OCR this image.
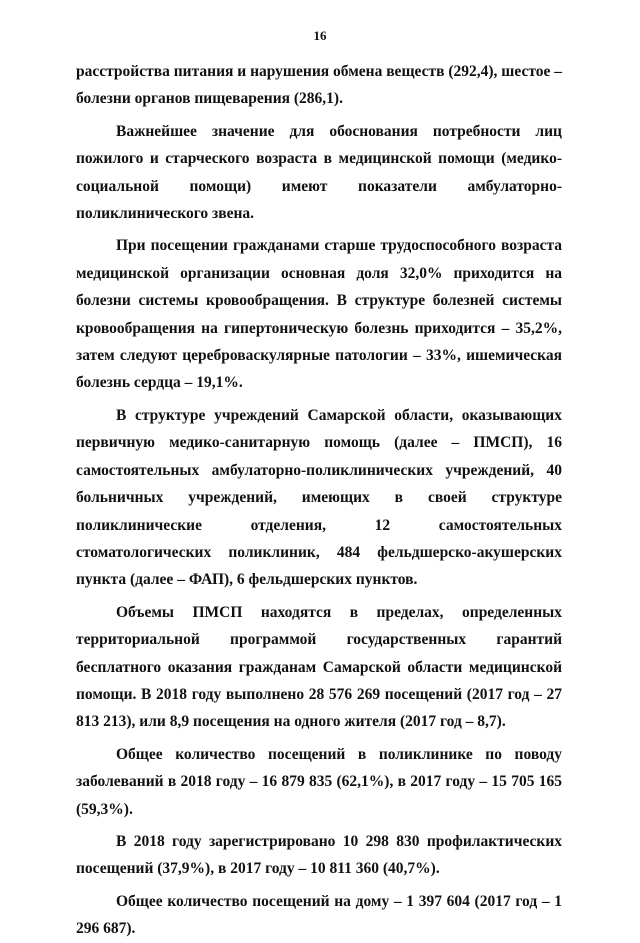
16

расстройства питания и нарушения обмена веществ (292,4), шестое – болезни органов пищеварения (286,1).

Важнейшее значение для обоснования потребности лиц пожилого и старческого возраста в медицинской помощи (медико-социальной помощи) имеют показатели амбулаторно-поликлинического звена.

При посещении гражданами старше трудоспособного возраста медицинской организации основная доля 32,0% приходится на болезни системы кровообращения. В структуре болезней системы кровообращения на гипертоническую болезнь приходится – 35,2%, затем следуют цереброваскулярные патологии – 33%, ишемическая болезнь сердца – 19,1%.

В структуре учреждений Самарской области, оказывающих первичную медико-санитарную помощь (далее – ПМСП), 16 самостоятельных амбулаторно-поликлинических учреждений, 40 больничных учреждений, имеющих в своей структуре поликлинические отделения, 12 самостоятельных стоматологических поликлиник, 484 фельдшерско-акушерских пункта (далее – ФАП), 6 фельдшерских пунктов.

Объемы ПМСП находятся в пределах, определенных территориальной программой государственных гарантий бесплатного оказания гражданам Самарской области медицинской помощи. В 2018 году выполнено 28 576 269 посещений (2017 год – 27 813 213), или 8,9 посещения на одного жителя (2017 год – 8,7).

Общее количество посещений в поликлинике по поводу заболеваний в 2018 году – 16 879 835 (62,1%), в 2017 году – 15 705 165 (59,3%).

В 2018 году зарегистрировано 10 298 830 профилактических посещений (37,9%), в 2017 году – 10 811 360 (40,7%).

Общее количество посещений на дому – 1 397 604 (2017 год – 1 296 687).
